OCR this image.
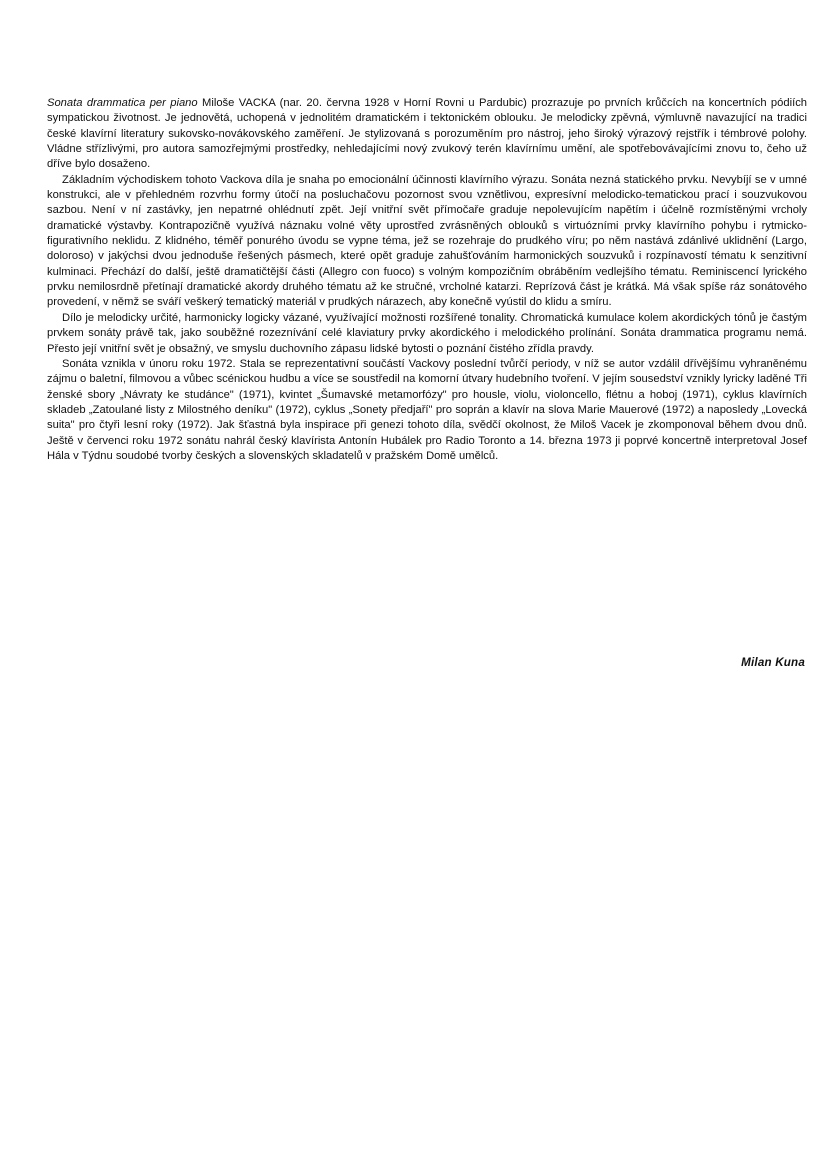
Sonata drammatica per piano Miloše VACKA (nar. 20. června 1928 v Horní Rovni u Pardubic) prozrazuje po prvních krůčcích na koncertních pódiích sympatickou životnost. Je jednovětá, uchopená v jednolitém dramatickém i tektonickém oblouku. Je melodicky zpěvná, výmluvně navazující na tradici české klavírní literatury sukovsko-novákovského zaměření. Je stylizovaná s porozuměním pro nástroj, jeho široký výrazový rejstřík i témbrové polohy. Vládne střízlivými, pro autora samozřejmými prostředky, nehledajícími nový zvukový terén klavírnímu umění, ale spotřebovávajícími znovu to, čeho už dříve bylo dosaženo.

Základním východiskem tohoto Vackova díla je snaha po emocionální účinnosti klavírního výrazu. Sonáta nezná statického prvku. Nevybíjí se v umné konstrukci, ale v přehledném rozvrhu formy útočí na posluchačovu pozornost svou vznětlivou, expresívní melodicko-tematickou prací i souzvukovou sazbou. Není v ní zastávky, jen nepatrné ohlédnutí zpět. Její vnitřní svět přímočaře graduje nepolevujícím napětím i účelně rozmístěnými vrcholy dramatické výstavby. Kontrapozičně využívá náznaku volné věty uprostřed zvrásněných oblouků s virtuózními prvky klavírního pohybu i rytmicko-figurativního neklidu. Z klidného, téměř ponurého úvodu se vypne téma, jež se rozehraje do prudkého víru; po něm nastává zdánlivé uklidnění (Largo, doloroso) v jakýchsi dvou jednoduše řešených pásmech, které opět graduje zahušťováním harmonických souzvuků i rozpínavostí tématu k senzitivní kulminaci. Přechází do další, ještě dramatičtější části (Allegro con fuoco) s volným kompozičním obráběním vedlejšího tématu. Reminiscencí lyrického prvku nemilosrdně přetínají dramatické akordy druhého tématu až ke stručné, vrcholné katarzi. Reprízová část je krátká. Má však spíše ráz sonátového provedení, v němž se sváří veškerý tematický materiál v prudkých nárazech, aby konečně vyústil do klidu a smíru.

Dílo je melodicky určité, harmonicky logicky vázané, využívající možnosti rozšířené tonality. Chromatická kumulace kolem akordických tónů je častým prvkem sonáty právě tak, jako souběžné rozeznívání celé klaviatury prvky akordického i melodického prolínání. Sonáta drammatica programu nemá. Přesto její vnitřní svět je obsažný, ve smyslu duchovního zápasu lidské bytosti o poznání čistého zřídla pravdy.

Sonáta vznikla v únoru roku 1972. Stala se reprezentativní součástí Vackovy poslední tvůrčí periody, v níž se autor vzdálil dřívějšímu vyhraněnému zájmu o baletní, filmovou a vůbec scénickou hudbu a více se soustředil na komorní útvary hudebního tvoření. V jejím sousedství vznikly lyricky laděné Tři ženské sbory „Návraty ke studánce" (1971), kvintet „Šumavské metamorfózy" pro housle, violu, violoncello, flétnu a hoboj (1971), cyklus klavírních skladeb „Zatoulané listy z Milostného deníku" (1972), cyklus „Sonety předjaří" pro soprán a klavír na slova Marie Mauerové (1972) a naposledy „Lovecká suita" pro čtyři lesní roky (1972). Jak šťastná byla inspirace při genezi tohoto díla, svědčí okolnost, že Miloš Vacek je zkomponoval během dvou dnů. Ještě v červenci roku 1972 sonátu nahrál český klavírista Antonín Hubálek pro Radio Toronto a 14. března 1973 ji poprvé koncertně interpretoval Josef Hála v Týdnu soudobé tvorby českých a slovenských skladatelů v pražském Domě umělců.

Milan Kuna
